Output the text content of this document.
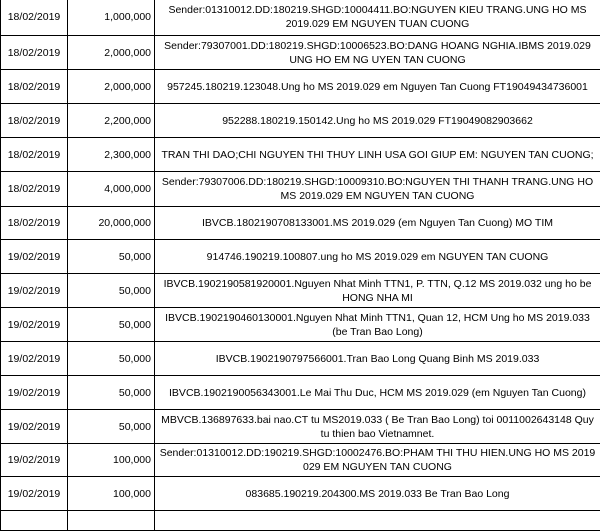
18/02/2019	1,000,000	Sender:01310012.DD:180219.SHGD:10004411.BO:NGUYEN KIEU TRANG.UNG HO MS 2019.029 EM NGUYEN TUAN CUONG
18/02/2019	2,000,000	Sender:79307001.DD:180219.SHGD:10006523.BO:DANG HOANG NGHIA.IBMS 2019.029 UNG HO EM NG UYEN TAN CUONG
18/02/2019	2,000,000	957245.180219.123048.Ung ho MS 2019.029 em Nguyen Tan Cuong FT19049434736001
18/02/2019	2,200,000	952288.180219.150142.Ung ho MS 2019.029 FT19049082903662
18/02/2019	2,300,000	TRAN THI DAO;CHI NGUYEN THI THUY LINH USA GOI GIUP EM: NGUYEN TAN CUONG;
18/02/2019	4,000,000	Sender:79307006.DD:180219.SHGD:10009310.BO:NGUYEN THI THANH TRANG.UNG HO MS 2019.029 EM NGUYEN TAN CUONG
18/02/2019	20,000,000	IBVCB.1802190708133001.MS 2019.029 (em Nguyen Tan Cuong) MO TIM
19/02/2019	50,000	914746.190219.100807.ung ho MS 2019.029 em NGUYEN TAN CUONG
19/02/2019	50,000	IBVCB.1902190581920001.Nguyen Nhat Minh TTN1, P. TTN, Q.12 MS 2019.032 ung ho be HONG NHA MI
19/02/2019	50,000	IBVCB.1902190460130001.Nguyen Nhat Minh TTN1, Quan 12, HCM Ung ho MS 2019.033 (be Tran Bao Long)
19/02/2019	50,000	IBVCB.1902190797566001.Tran Bao Long Quang Binh MS 2019.033
19/02/2019	50,000	IBVCB.1902190056343001.Le Mai Thu Duc, HCM MS 2019.029 (em Nguyen Tan Cuong)
19/02/2019	50,000	MBVCB.136897633.bai nao.CT tu MS2019.033 ( Be Tran Bao Long) toi 0011002643148 Quy tu thien bao Vietnamnet.
19/02/2019	100,000	Sender:01310012.DD:190219.SHGD:10002476.BO:PHAM THI THU HIEN.UNG HO MS 2019 029 EM NGUYEN TAN CUONG
19/02/2019	100,000	083685.190219.204300.MS 2019.033 Be Tran Bao Long
